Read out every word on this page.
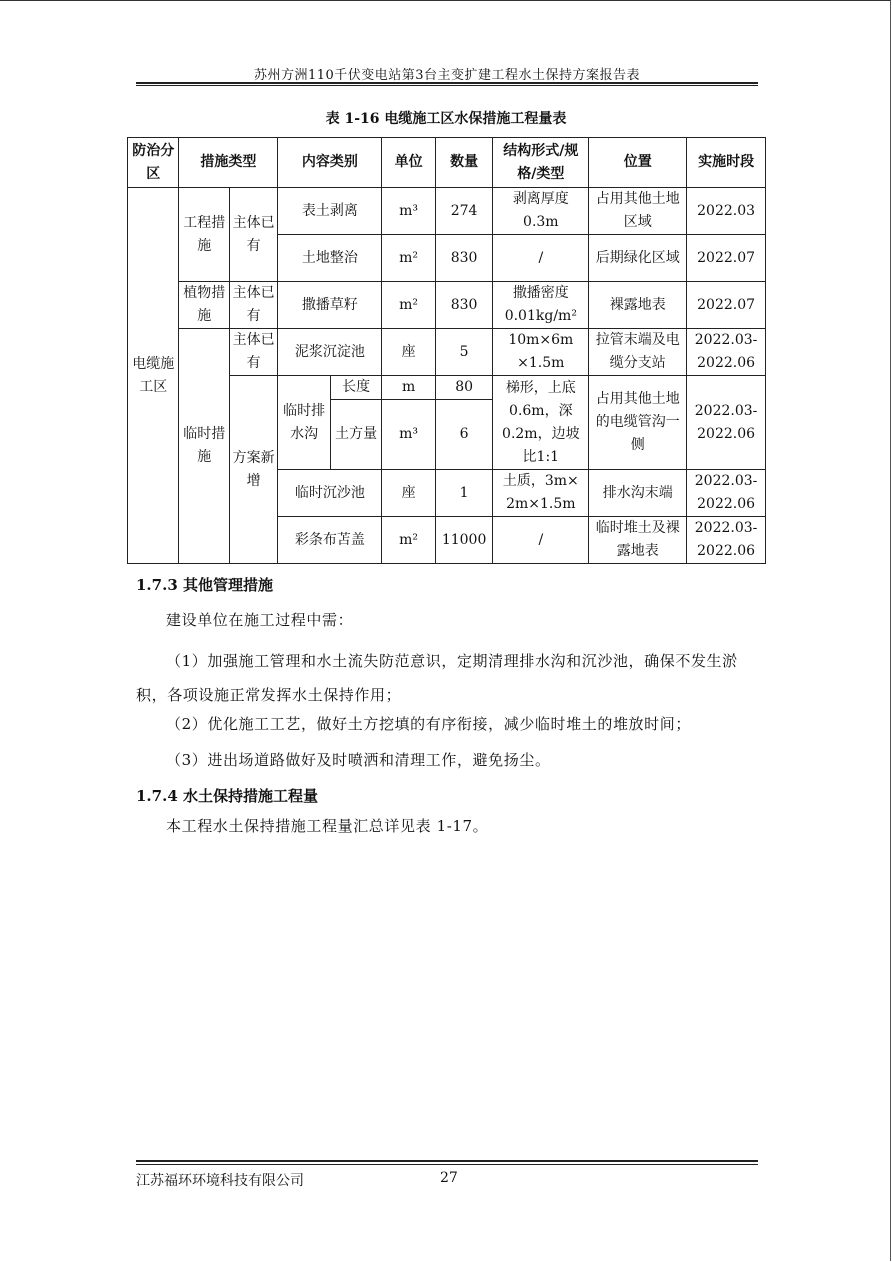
苏州方洲110千伏变电站第3台主变扩建工程水土保持方案报告表
表 1-16 电缆施工区水保措施工程量表
防治分区	措施类型		内容类别		单位	数量	结构形式/规格/类型	位置	实施时段
电缆施工区	工程措施	主体已有	表土剥离		m³	274	剥离厚度0.3m	占用其他土地区域	2022.03
			土地整治		m²	830	/	后期绿化区域	2022.07
	植物措施	主体已有	撒播草籽		m²	830	撒播密度0.01kg/m²	裸露地表	2022.07
	临时措施	主体已有	泥浆沉淀池		座	5	10m×6m ×1.5m	拉管末端及电缆分支站	2022.03-2022.06
		方案新增	临时排水沟	长度	m	80	梯形，上底0.6m，深0.2m，边坡比1:1	占用其他土地的电缆管沟一侧	2022.03-2022.06
				土方量	m³	6			
			临时沉沙池		座	1	土质，3m× 2m×1.5m	排水沟末端	2022.03-2022.06
			彩条布苫盖		m²	11000	/	临时堆土及裸露地表	2022.03-2022.06
1.7.3 其他管理措施
建设单位在施工过程中需：
（1）加强施工管理和水土流失防范意识，定期清理排水沟和沉沙池，确保不发生淤积，各项设施正常发挥水土保持作用；
（2）优化施工工艺，做好土方挖填的有序衔接，减少临时堆土的堆放时间；
（3）进出场道路做好及时喷洒和清理工作，避免扬尘。
1.7.4 水土保持措施工程量
本工程水土保持措施工程量汇总详见表 1-17。
江苏福环环境科技有限公司	27
